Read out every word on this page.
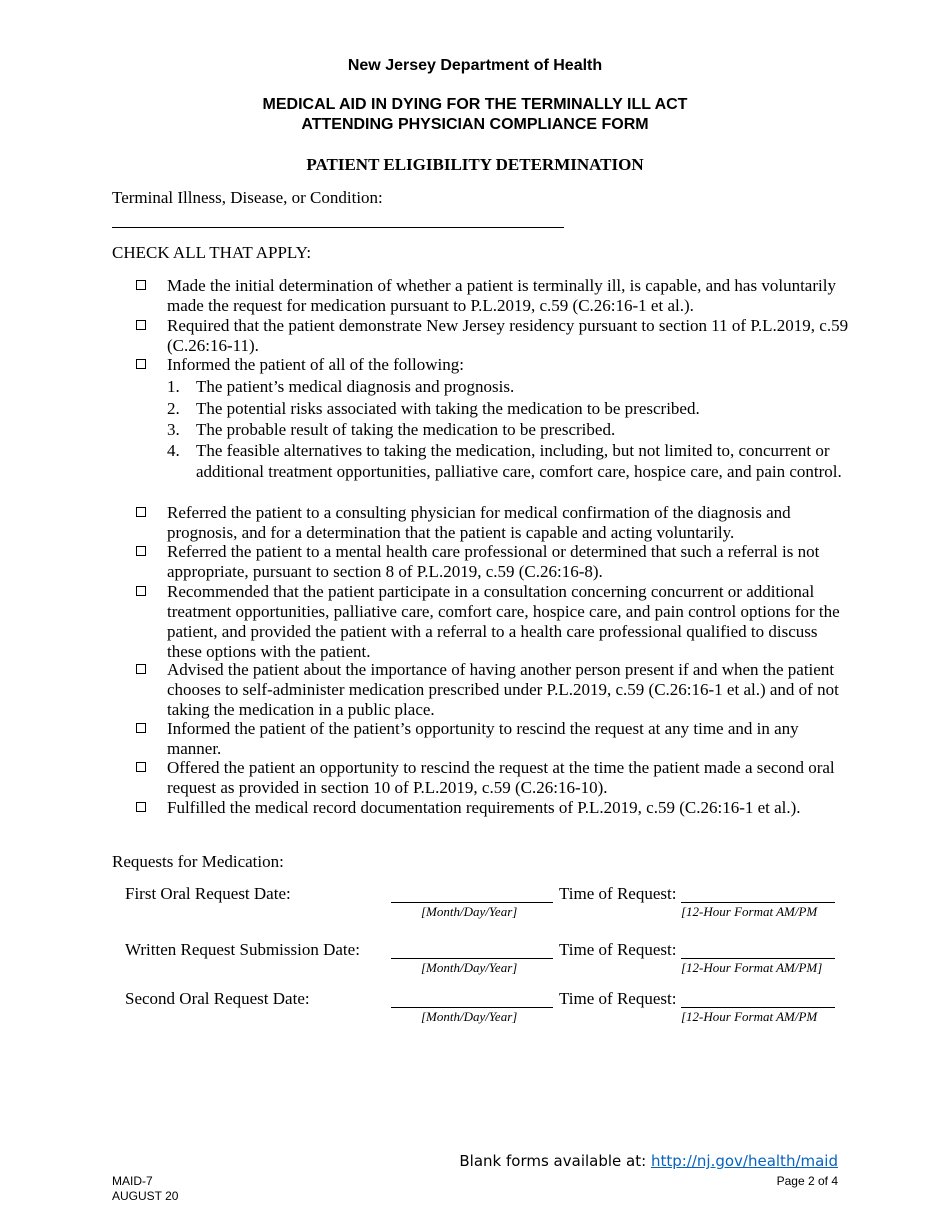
New Jersey Department of Health
MEDICAL AID IN DYING FOR THE TERMINALLY ILL ACT
ATTENDING PHYSICIAN COMPLIANCE FORM
PATIENT ELIGIBILITY DETERMINATION
Terminal Illness, Disease, or Condition:
CHECK ALL THAT APPLY:
Made the initial determination of whether a patient is terminally ill, is capable, and has voluntarily made the request for medication pursuant to P.L.2019, c.59 (C.26:16-1 et al.).
Required that the patient demonstrate New Jersey residency pursuant to section 11 of P.L.2019, c.59 (C.26:16-11).
Informed the patient of all of the following:
1. The patient’s medical diagnosis and prognosis.
2. The potential risks associated with taking the medication to be prescribed.
3. The probable result of taking the medication to be prescribed.
4. The feasible alternatives to taking the medication, including, but not limited to, concurrent or additional treatment opportunities, palliative care, comfort care, hospice care, and pain control.
Referred the patient to a consulting physician for medical confirmation of the diagnosis and prognosis, and for a determination that the patient is capable and acting voluntarily.
Referred the patient to a mental health care professional or determined that such a referral is not appropriate, pursuant to section 8 of P.L.2019, c.59 (C.26:16-8).
Recommended that the patient participate in a consultation concerning concurrent or additional treatment opportunities, palliative care, comfort care, hospice care, and pain control options for the patient, and provided the patient with a referral to a health care professional qualified to discuss these options with the patient.
Advised the patient about the importance of having another person present if and when the patient chooses to self-administer medication prescribed under P.L.2019, c.59 (C.26:16-1 et al.) and of not taking the medication in a public place.
Informed the patient of the patient’s opportunity to rescind the request at any time and in any manner.
Offered the patient an opportunity to rescind the request at the time the patient made a second oral request as provided in section 10 of P.L.2019, c.59 (C.26:16-10).
Fulfilled the medical record documentation requirements of P.L.2019, c.59 (C.26:16-1 et al.).
Requests for Medication:
First Oral Request Date:
[Month/Day/Year]
Time of Request:
[12-Hour Format AM/PM
Written Request Submission Date:
[Month/Day/Year]
Time of Request:
[12-Hour Format AM/PM]
Second Oral Request Date:
[Month/Day/Year]
Time of Request:
[12-Hour Format AM/PM
Blank forms available at: http://nj.gov/health/maid
MAID-7
AUGUST 20
Page 2 of 4
